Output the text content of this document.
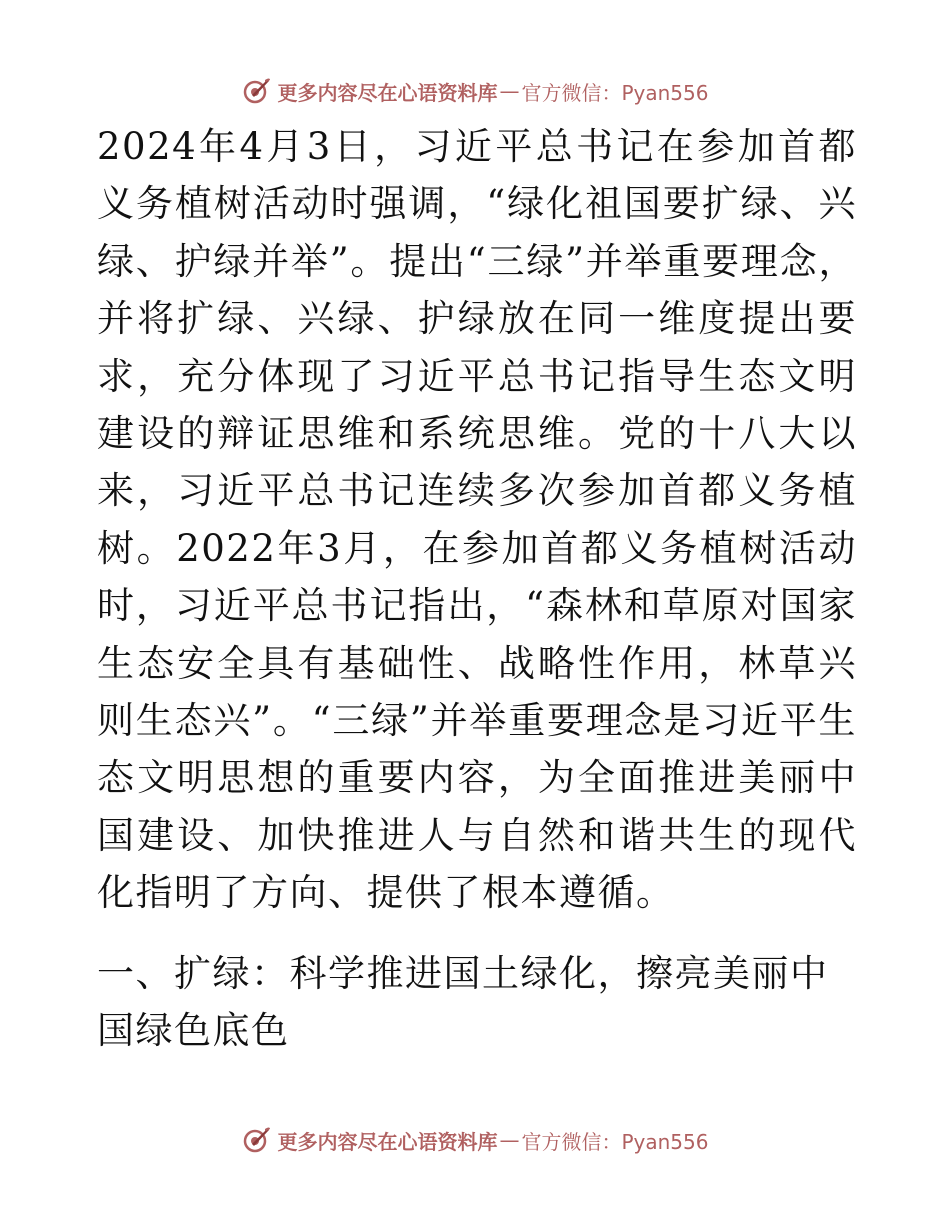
更多内容尽在心语资料库 — 官方微信：Pyan556

2024年4月3日，习近平总书记在参加首都义务植树活动时强调，“绿化祖国要扩绿、兴绿、护绿并举”。提出“三绿”并举重要理念，并将扩绿、兴绿、护绿放在同一维度提出要求，充分体现了习近平总书记指导生态文明建设的辩证思维和系统思维。党的十八大以来，习近平总书记连续多次参加首都义务植树。2022年3月，在参加首都义务植树活动时，习近平总书记指出，“森林和草原对国家生态安全具有基础性、战略性作用，林草兴则生态兴”。“三绿”并举重要理念是习近平生态文明思想的重要内容，为全面推进美丽中国建设、加快推进人与自然和谐共生的现代化指明了方向、提供了根本遵循。

一、扩绿：科学推进国土绿化，擦亮美丽中国绿色底色

更多内容尽在心语资料库 — 官方微信：Pyan556
